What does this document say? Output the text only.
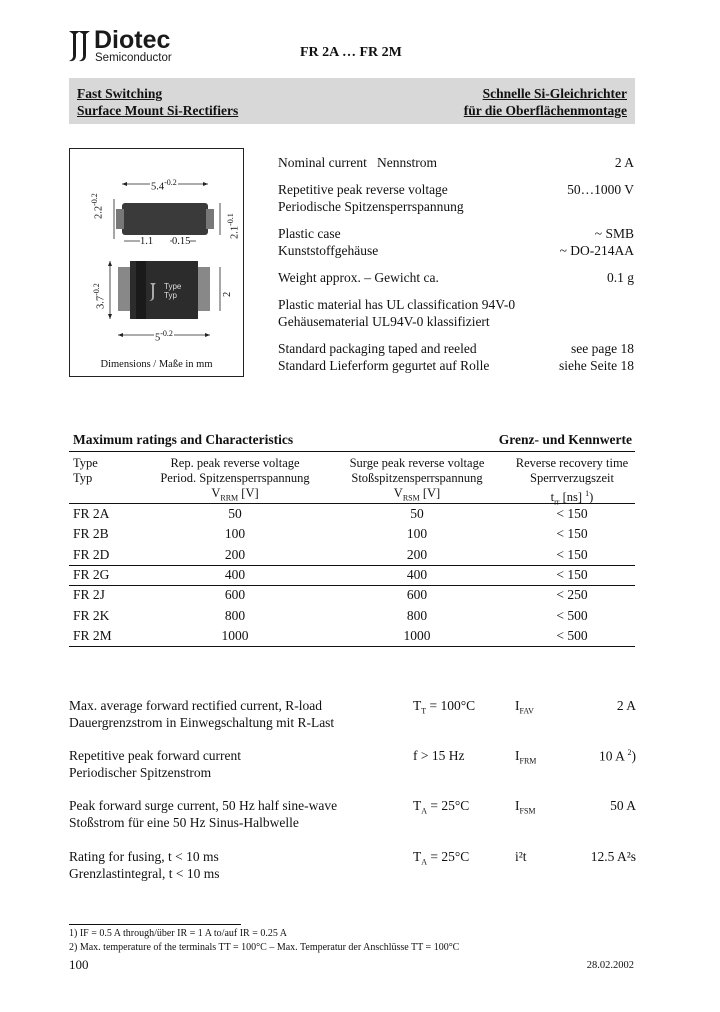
Diotec
Semiconductor	FR 2A … FR 2M
Fast Switching
Surface Mount Si-Rectifiers
Schnelle Si-Gleichrichter
für die Oberflächenmontage
$5.4^{-0.2}$
$2.2^{-0.2}$
$2.1^{-0.1}$
1.1 0.15
$3.7^{-0.2}$	2
Type
Typ
$5^{-0.2}$
Dimensions / Maße in mm
Nominal current Nennstrom	2 A
Repetitive peak reverse voltage
Periodische Spitzensperrspannung
50…1000 V
Plastic case
Kunststoffgehäuse
~ SMB
~ DO-214AA
Weight approx. – Gewicht ca.	0.1 g
Plastic material has UL classification 94V-0
Gehäusematerial UL94V-0 klassifiziert
Standard packaging taped and reeled
Standard Lieferform gegurtet auf Rolle
see page 18
siehe Seite 18
Maximum ratings and Characteristics	Grenz- und Kennwerte
Type
Typ
Rep. peak reverse voltage
Period. Spitzensperrspannung
$V_{RRM}$ [V]
Surge peak reverse voltage
Stoßspitzensperrspannung
$V_{RSM}$ [V]
Reverse recovery time
Sperrverzugszeit
$t_{rr}$ [ns] $^1$)
FR 2A	50	50	< 150
FR 2B	100	100	< 150
FR 2D	200	200	< 150
FR 2G	400	400	< 150
FR 2J	600	600	< 250
FR 2K	800	800	< 500
FR 2M	1000	1000	< 500
Max. average forward rectified current, R-load
Dauergrenzstrom in Einwegschaltung mit R-Last
$T_T = 100^\circ C$	$I_{FAV}$	2 A
Repetitive peak forward current
Periodischer Spitzenstrom
f > 15 Hz	$I_{FRM}$	10 A $^2$)
Peak forward surge current, 50 Hz half sine-wave
Stoßstrom für eine 50 Hz Sinus-Halbwelle
$T_A = 25^\circ C$	$I_{FSM}$	50 A
Rating for fusing, t < 10 ms
Grenzlastintegral, t < 10 ms
$T_A = 25^\circ C$	i²t	12.5 A²s
1) IF = 0.5 A through/über IR = 1 A to/auf IR = 0.25 A
2) Max. temperature of the terminals TT = 100°C – Max. Temperatur der Anschlüsse TT = 100°C
100	28.02.2002
